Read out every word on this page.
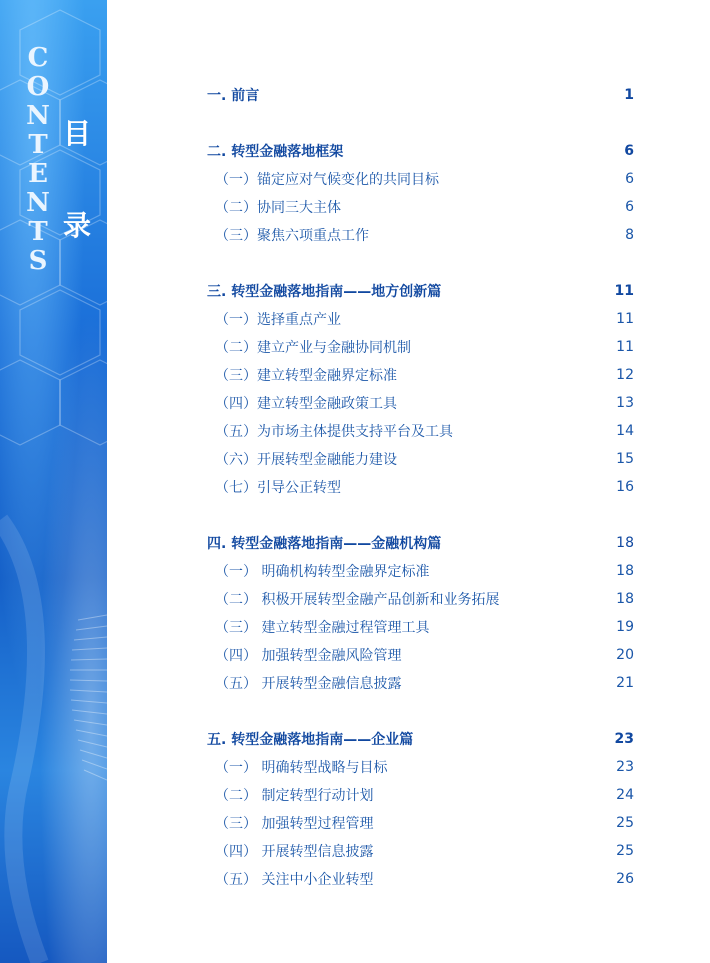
CONTENTS
目
录
一. 前言	1
二. 转型金融落地框架	6
（一）锚定应对气候变化的共同目标	6
（二）协同三大主体	6
（三）聚焦六项重点工作	8
三. 转型金融落地指南——地方创新篇	11
（一）选择重点产业	11
（二）建立产业与金融协同机制	11
（三）建立转型金融界定标准	12
（四）建立转型金融政策工具	13
（五）为市场主体提供支持平台及工具	14
（六）开展转型金融能力建设	15
（七）引导公正转型	16
四. 转型金融落地指南——金融机构篇	18
（一） 明确机构转型金融界定标准	18
（二） 积极开展转型金融产品创新和业务拓展	18
（三） 建立转型金融过程管理工具	19
（四） 加强转型金融风险管理	20
（五） 开展转型金融信息披露	21
五. 转型金融落地指南——企业篇	23
（一） 明确转型战略与目标	23
（二） 制定转型行动计划	24
（三） 加强转型过程管理	25
（四） 开展转型信息披露	25
（五） 关注中小企业转型	26
